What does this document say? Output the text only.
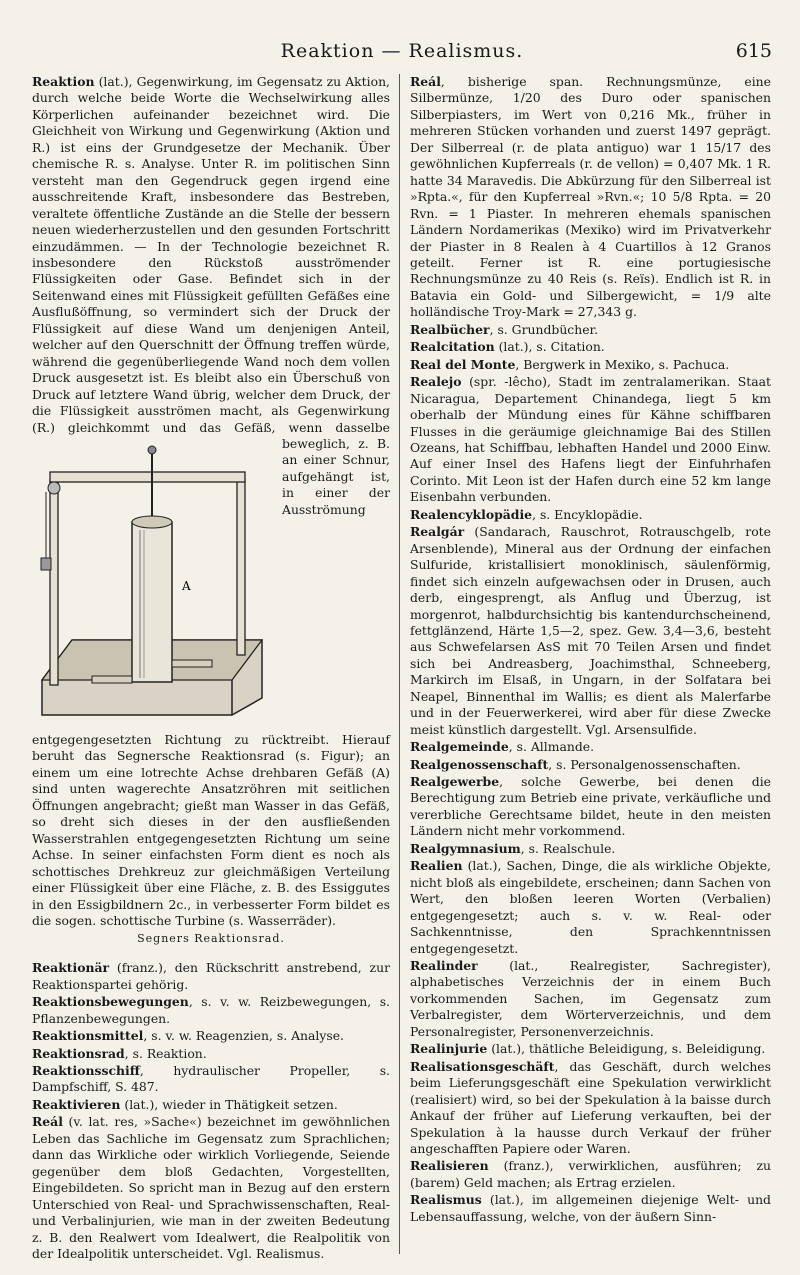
Reaktion — Realismus.	615

Reaktion (lat.), Gegenwirkung, im Gegensatz zu Aktion, durch welche beide Worte die Wechselwirkung alles Körperlichen aufeinander bezeichnet wird. Die Gleichheit von Wirkung und Gegenwirkung (Aktion und R.) ist eins der Grundgesetze der Mechanik. Über chemische R. s. Analyse. Unter R. im politischen Sinn versteht man den Gegendruck gegen irgend eine ausschreitende Kraft, insbesondere das Bestreben, veraltete öffentliche Zustände an die Stelle der bessern neuen wiederherzustellen und den gesunden Fortschritt einzudämmen. — In der Technologie bezeichnet R. insbesondere den Rückstoß ausströmender Flüssigkeiten oder Gase. Befindet sich in der Seitenwand eines mit Flüssigkeit gefüllten Gefäßes eine Ausflußöffnung, so vermindert sich der Druck der Flüssigkeit auf diese Wand um denjenigen Anteil, welcher auf den Querschnitt der Öffnung treffen würde, während die gegenüberliegende Wand noch dem vollen Druck ausgesetzt ist. Es bleibt also ein Überschuß von Druck auf letztere Wand übrig, welcher dem Druck, der die Flüssigkeit ausströmen macht, als Gegenwirkung (R.) gleichkommt und das
A
Gefäß, wenn dasselbe beweglich, z. B. an einer Schnur, aufgehängt ist, in einer der Ausströmung entgegengesetzten Richtung zu rücktreibt. Hierauf beruht das Segnersche Reaktionsrad (s. Figur); an einem um eine lotrechte Achse drehbaren Gefäß (A) sind unten wagerechte Ansatzröhren mit seitlichen Öffnungen angebracht; gießt man Wasser in das Gefäß, so dreht sich dieses in der den ausfließenden Wasserstrahlen entgegengesetzten Richtung um seine Achse. In seiner einfachsten Form dient es noch als schottisches Drehkreuz zur gleichmäßigen Verteilung einer Flüssigkeit über eine Fläche, z. B. des Essiggutes in den Essigbildnern 2c., in verbesserter Form bildet es die sogen. schottische Turbine (s. Wasserräder).

Segners Reaktionsrad.

Reaktionär (franz.), den Rückschritt anstrebend, zur Reaktionspartei gehörig.

Reaktionsbewegungen, s. v. w. Reizbewegungen, s. Pflanzenbewegungen.

Reaktionsmittel, s. v. w. Reagenzien, s. Analyse.

Reaktionsrad, s. Reaktion.

Reaktionsschiff, hydraulischer Propeller, s. Dampfschiff, S. 487.

Reaktivieren (lat.), wieder in Thätigkeit setzen.

Reál (v. lat. res, »Sache«) bezeichnet im gewöhnlichen Leben das Sachliche im Gegensatz zum Sprachlichen; dann das Wirkliche oder wirklich Vorliegende, Seiende gegenüber dem bloß Gedachten, Vorgestellten, Eingebildeten. So spricht man in Bezug auf den erstern Unterschied von Real- und Sprachwissenschaften, Real- und Verbalinjurien, wie man in der zweiten Bedeutung z. B. den Realwert vom Idealwert, die Realpolitik von der Idealpolitik unterscheidet. Vgl. Realismus.

Reál, bisherige span. Rechnungsmünze, eine Silbermünze, 1/20 des Duro oder spanischen Silberpiasters, im Wert von 0,216 Mk., früher in mehreren Stücken vorhanden und zuerst 1497 geprägt. Der Silberreal (r. de plata antiguo) war 1 15/17 des gewöhnlichen Kupferreals (r. de vellon) = 0,407 Mk. 1 R. hatte 34 Maravedis. Die Abkürzung für den Silberreal ist »Rpta.«, für den Kupferreal »Rvn.«; 10 5/8 Rpta. = 20 Rvn. = 1 Piaster. In mehreren ehemals spanischen Ländern Nordamerikas (Mexiko) wird im Privatverkehr der Piaster in 8 Realen à 4 Cuartillos à 12 Granos geteilt. Ferner ist R. eine portugiesische Rechnungsmünze zu 40 Reis (s. Reïs). Endlich ist R. in Batavia ein Gold- und Silbergewicht, = 1/9 alte holländische Troy-Mark = 27,343 g.

Realbücher, s. Grundbücher.

Realcitation (lat.), s. Citation.

Real del Monte, Bergwerk in Mexiko, s. Pachuca.

Realejo (spr. -lêcho), Stadt im zentralamerikan. Staat Nicaragua, Departement Chinandega, liegt 5 km oberhalb der Mündung eines für Kähne schiffbaren Flusses in die geräumige gleichnamige Bai des Stillen Ozeans, hat Schiffbau, lebhaften Handel und 2000 Einw. Auf einer Insel des Hafens liegt der Einfuhrhafen Corinto. Mit Leon ist der Hafen durch eine 52 km lange Eisenbahn verbunden.

Realencyklopädie, s. Encyklopädie.

Realgár (Sandarach, Rauschrot, Rotrauschgelb, rote Arsenblende), Mineral aus der Ordnung der einfachen Sulfuride, kristallisiert monoklinisch, säulenförmig, findet sich einzeln aufgewachsen oder in Drusen, auch derb, eingesprengt, als Anflug und Überzug, ist morgenrot, halbdurchsichtig bis kantendurchscheinend, fettglänzend, Härte 1,5—2, spez. Gew. 3,4—3,6, besteht aus Schwefelarsen AsS mit 70 Teilen Arsen und findet sich bei Andreasberg, Joachimsthal, Schneeberg, Markirch im Elsaß, in Ungarn, in der Solfatara bei Neapel, Binnenthal im Wallis; es dient als Malerfarbe und in der Feuerwerkerei, wird aber für diese Zwecke meist künstlich dargestellt. Vgl. Arsensulfide.

Realgemeinde, s. Allmande.

Realgenossenschaft, s. Personalgenossenschaften.

Realgewerbe, solche Gewerbe, bei denen die Berechtigung zum Betrieb eine private, verkäufliche und vererbliche Gerechtsame bildet, heute in den meisten Ländern nicht mehr vorkommend.

Realgymnasium, s. Realschule.

Realien (lat.), Sachen, Dinge, die als wirkliche Objekte, nicht bloß als eingebildete, erscheinen; dann Sachen von Wert, den bloßen leeren Worten (Verbalien) entgegengesetzt; auch s. v. w. Real- oder Sachkenntnisse, den Sprachkenntnissen entgegengesetzt.

Realinder (lat., Realregister, Sachregister), alphabetisches Verzeichnis der in einem Buch vorkommenden Sachen, im Gegensatz zum Verbalregister, dem Wörterverzeichnis, und dem Personalregister, Personenverzeichnis.

Realinjurie (lat.), thätliche Beleidigung, s. Beleidigung.

Realisationsgeschäft, das Geschäft, durch welches beim Lieferungsgeschäft eine Spekulation verwirklicht (realisiert) wird, so bei der Spekulation à la baisse durch Ankauf der früher auf Lieferung verkauften, bei der Spekulation à la hausse durch Verkauf der früher angeschafften Papiere oder Waren.

Realisieren (franz.), verwirklichen, ausführen; zu (barem) Geld machen; als Ertrag erzielen.

Realismus (lat.), im allgemeinen diejenige Welt- und Lebensauffassung, welche, von der äußern Sinn-
